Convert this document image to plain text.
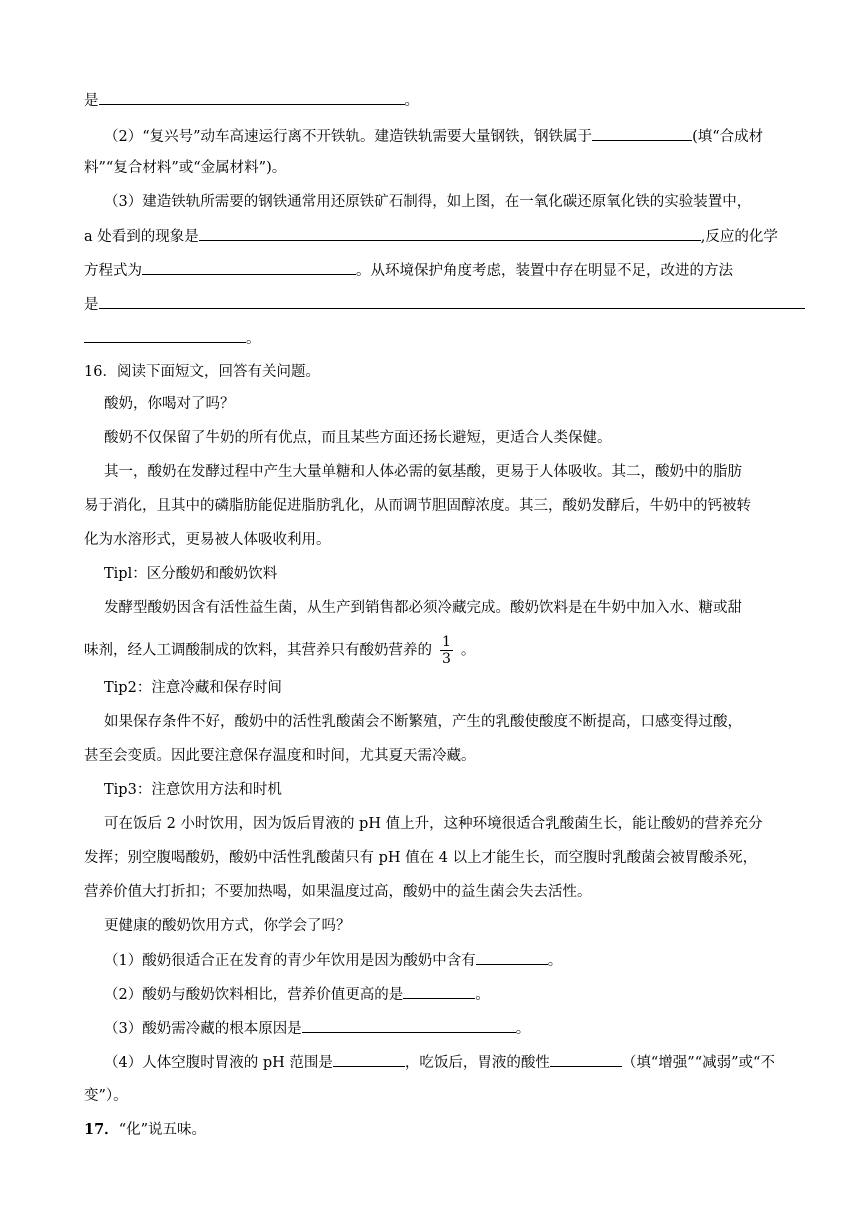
是	。
（2）“复兴号”动车高速运行离不开铁轨。建造铁轨需要大量钢铁，钢铁属于	(填“合成材
料”“复合材料”或“金属材料”)。
（3）建造铁轨所需要的钢铁通常用还原铁矿石制得，如上图，在一氧化碳还原氧化铁的实验装置中，
a 处看到的现象是	,反应的化学
方程式为	。从环境保护角度考虑，装置中存在明显不足，改进的方法
是
。
16．阅读下面短文，回答有关问题。
酸奶，你喝对了吗？
酸奶不仅保留了牛奶的所有优点，而且某些方面还扬长避短，更适合人类保健。
其一，酸奶在发酵过程中产生大量单糖和人体必需的氨基酸，更易于人体吸收。其二，酸奶中的脂肪
易于消化，且其中的磷脂肪能促进脂肪乳化，从而调节胆固醇浓度。其三，酸奶发酵后，牛奶中的钙被转
化为水溶形式，更易被人体吸收利用。
Tipl：区分酸奶和酸奶饮料
发酵型酸奶因含有活性益生菌，从生产到销售都必须冷藏完成。酸奶饮料是在牛奶中加入水、糖或甜
味剂，经人工调酸制成的饮料，其营养只有酸奶营养的 $\frac{1}{3}$ 。
Tip2：注意冷藏和保存时间
如果保存条件不好，酸奶中的活性乳酸菌会不断繁殖，产生的乳酸使酸度不断提高，口感变得过酸，
甚至会变质。因此要注意保存温度和时间，尤其夏天需冷藏。
Tip3：注意饮用方法和时机
可在饭后 2 小时饮用，因为饭后胃液的 pH 值上升，这种环境很适合乳酸菌生长，能让酸奶的营养充分
发挥；别空腹喝酸奶，酸奶中活性乳酸菌只有 pH 值在 4 以上才能生长，而空腹时乳酸菌会被胃酸杀死，
营养价值大打折扣；不要加热喝，如果温度过高，酸奶中的益生菌会失去活性。
更健康的酸奶饮用方式，你学会了吗？
（1）酸奶很适合正在发育的青少年饮用是因为酸奶中含有	。
（2）酸奶与酸奶饮料相比，营养价值更高的是	。
（3）酸奶需冷藏的根本原因是	。
（4）人体空腹时胃液的 pH 范围是	，吃饭后，胃液的酸性	（填“增强”“减弱”或“不
变”）。
17．“化”说五味。
